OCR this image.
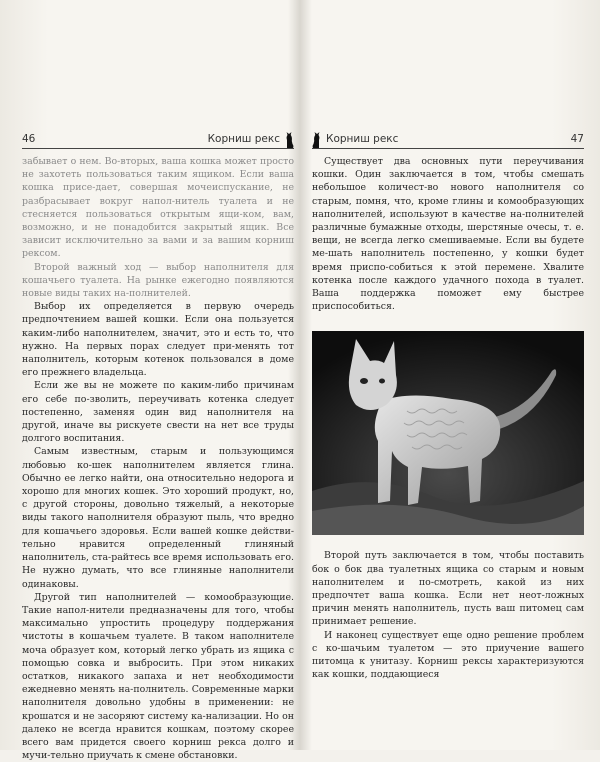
46	Корниш рекс

забывает о нем. Во-вторых, ваша кошка может просто не захотеть пользоваться таким ящиком. Если ваша кошка присе-дает, совершая мочеиспускание, не разбрасывает вокруг напол-нитель туалета и не стесняется пользоваться открытым ящи-ком, вам, возможно, и не понадобится закрытый ящик. Все зависит исключительно за вами и за вашим корниш рексом.

Второй важный ход — выбор наполнителя для кошачьего туалета. На рынке ежегодно появляются новые виды таких на-полнителей.

Выбор их определяется в первую очередь предпочтением вашей кошки. Если она пользуется каким-либо наполнителем, значит, это и есть то, что нужно. На первых порах следует при-менять тот наполнитель, которым котенок пользовался в доме его прежнего владельца.

Если же вы не можете по каким-либо причинам его себе по-зволить, переучивать котенка следует постепенно, заменяя один вид наполнителя на другой, иначе вы рискуете свести на нет все труды долгого воспитания.

Самым известным, старым и пользующимся любовью ко-шек наполнителем является глина. Обычно ее легко найти, она относительно недорога и хорошо для многих кошек. Это хороший продукт, но, с другой стороны, довольно тяжелый, а некоторые виды такого наполнителя образуют пыль, что вредно для кошачьего здоровья. Если вашей кошке действи-тельно нравится определенный глиняный наполнитель, ста-райтесь все время использовать его. Не нужно думать, что все глиняные наполнители одинаковы.

Другой тип наполнителей — комообразующие. Такие напол-нители предназначены для того, чтобы максимально упростить процедуру поддержания чистоты в кошачьем туалете. В таком наполнителе моча образует ком, который легко убрать из ящика с помощью совка и выбросить. При этом никаких остатков, никакого запаха и нет необходимости ежедневно менять на-полнитель. Современные марки наполнителя довольно удобны в применении: не крошатся и не засоряют систему ка-нализации. Но он далеко не всегда нравится кошкам, поэтому скорее всего вам придется своего корниш рекса долго и мучи-тельно приучать к смене обстановки.

Корниш рекс	47

Существует два основных пути переучивания кошки. Один заключается в том, чтобы смешать небольшое количест-во нового наполнителя со старым, помня, что, кроме глины и комообразующих наполнителей, используют в качестве на-полнителей различные бумажные отходы, шерстяные очесы, т. е. вещи, не всегда легко смешиваемые. Если вы будете ме-шать наполнитель постепенно, у кошки будет время приспо-собиться к этой перемене. Хвалите котенка после каждого удачного похода в туалет. Ваша поддержка поможет ему быстрее приспособиться.

Второй путь заключается в том, чтобы поставить бок о бок два туалетных ящика со старым и новым наполнителем и по-смотреть, какой из них предпочтет ваша кошка. Если нет неот-ложных причин менять наполнитель, пусть ваш питомец сам принимает решение.

И наконец существует еще одно решение проблем с ко-шачьим туалетом — это приучение вашего питомца к унитазу. Корниш рексы характеризуются как кошки, поддающиеся
